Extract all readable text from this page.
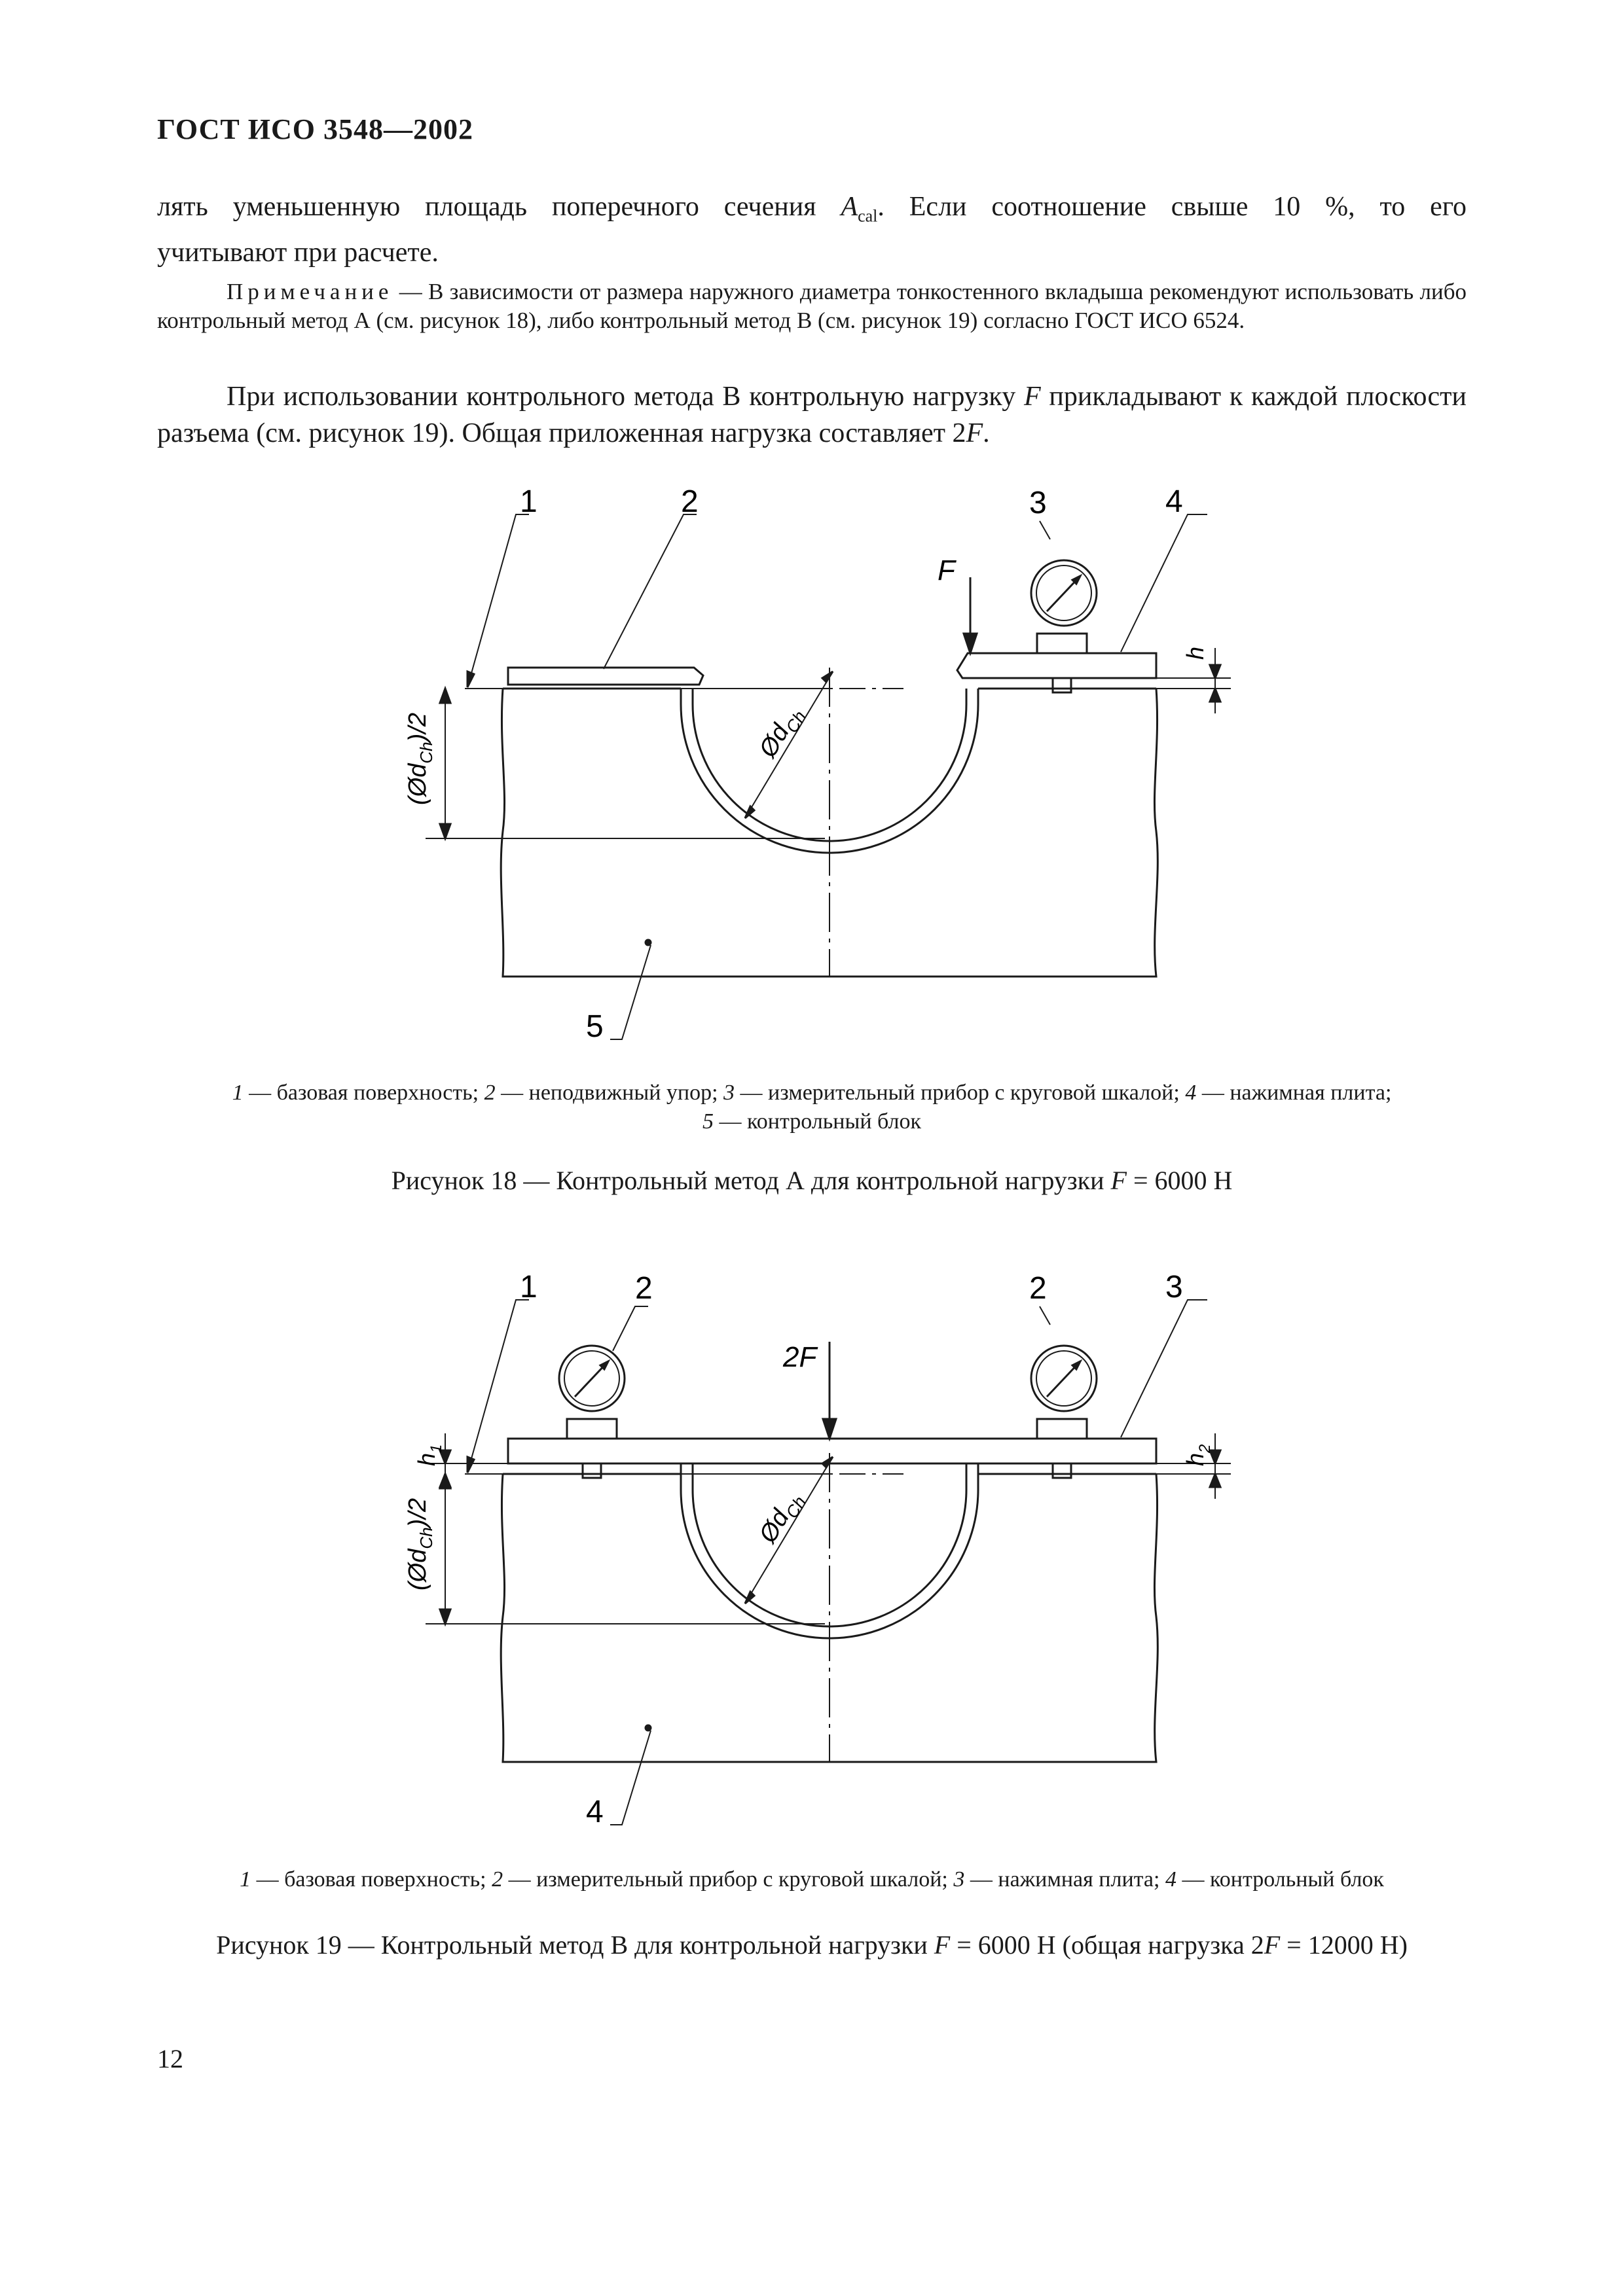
ГОСТ ИСО 3548—2002
лять уменьшенную площадь поперечного сечения $A_{cal}$. Если соотношение свыше 10 %, то его
учитывают при расчете.
Примечание — В зависимости от размера наружного диаметра тонкостенного вкладыша рекомендуют использовать либо контрольный метод А (см. рисунок 18), либо контрольный метод В (см. рисунок 19) согласно ГОСТ ИСО 6524.
При использовании контрольного метода В контрольную нагрузку F прикладывают к каждой плоскости разъема (см. рисунок 19). Общая приложенная нагрузка составляет 2F.
1	2	3	4
5
F
h
$Ød_{Ch}$
$(Ød_{Ch})/2$
1 — базовая поверхность; 2 — неподвижный упор; 3 — измерительный прибор с круговой шкалой; 4 — нажимная плита;
5 — контрольный блок
Рисунок 18 — Контрольный метод А для контрольной нагрузки F = 6000 Н
1	2	2	3
4
2F
$h_1$
$h_2$
$Ød_{Ch}$
$(Ød_{Ch})/2$
1 — базовая поверхность; 2 — измерительный прибор с круговой шкалой; 3 — нажимная плита; 4 — контрольный блок
Рисунок 19 — Контрольный метод В для контрольной нагрузки F = 6000 Н (общая нагрузка 2F = 12000 Н)
12
